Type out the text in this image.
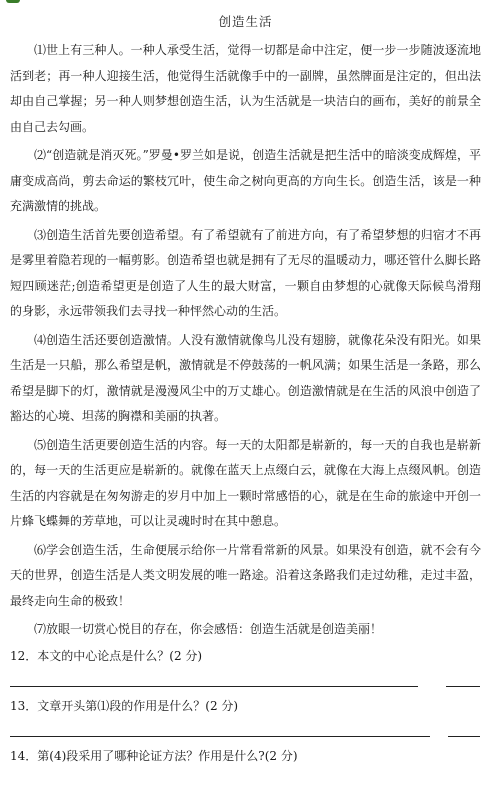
创造生活

⑴世上有三种人。一种人承受生活，觉得一切都是命中注定，便一步一步随波逐流地活到老；再一种人迎接生活，他觉得生活就像手中的一副牌，虽然牌面是注定的，但出法却由自己掌握；另一种人则梦想创造生活，认为生活就是一块洁白的画布，美好的前景全由自己去勾画。

⑵“创造就是消灭死。”罗曼•罗兰如是说，创造生活就是把生活中的暗淡变成辉煌，平庸变成高尚，剪去命运的繁枝冗叶，使生命之树向更高的方向生长。创造生活，该是一种充满激情的挑战。

⑶创造生活首先要创造希望。有了希望就有了前进方向，有了希望梦想的归宿才不再是雾里着隐若现的一幅剪影。创造希望也就是拥有了无尽的温暖动力，哪还管什么脚长路短四顾迷茫;创造希望更是创造了人生的最大财富，一颗自由梦想的心就像天际候鸟滑翔的身影，永远带领我们去寻找一种怦然心动的生活。

⑷创造生活还要创造激情。人没有激情就像鸟儿没有翅膀，就像花朵没有阳光。如果生活是一只船，那么希望是帆，激情就是不停鼓荡的一帆风满；如果生活是一条路，那么希望是脚下的灯，激情就是漫漫风尘中的万丈雄心。创造激情就是在生活的风浪中创造了豁达的心境、坦荡的胸襟和美丽的执著。

⑸创造生活更要创造生活的内容。每一天的太阳都是崭新的，每一天的自我也是崭新的，每一天的生活更应是崭新的。就像在蓝天上点缀白云，就像在大海上点缀风帆。创造生活的内容就是在匆匆游走的岁月中加上一颗时常感悟的心，就是在生命的旅途中开创一片蜂飞蝶舞的芳草地，可以让灵魂时时在其中憩息。

⑹学会创造生活，生命便展示给你一片常看常新的风景。如果没有创造，就不会有今天的世界，创造生活是人类文明发展的唯一路途。沿着这条路我们走过幼稚，走过丰盈，最终走向生命的极致！

⑺放眼一切赏心悦目的存在，你会感悟：创造生活就是创造美丽！

12．本文的中心论点是什么？(2 分)
13．文章开头第⑴段的作用是什么？(2 分)
14．第(4)段采用了哪种论证方法？作用是什么?(2 分)
